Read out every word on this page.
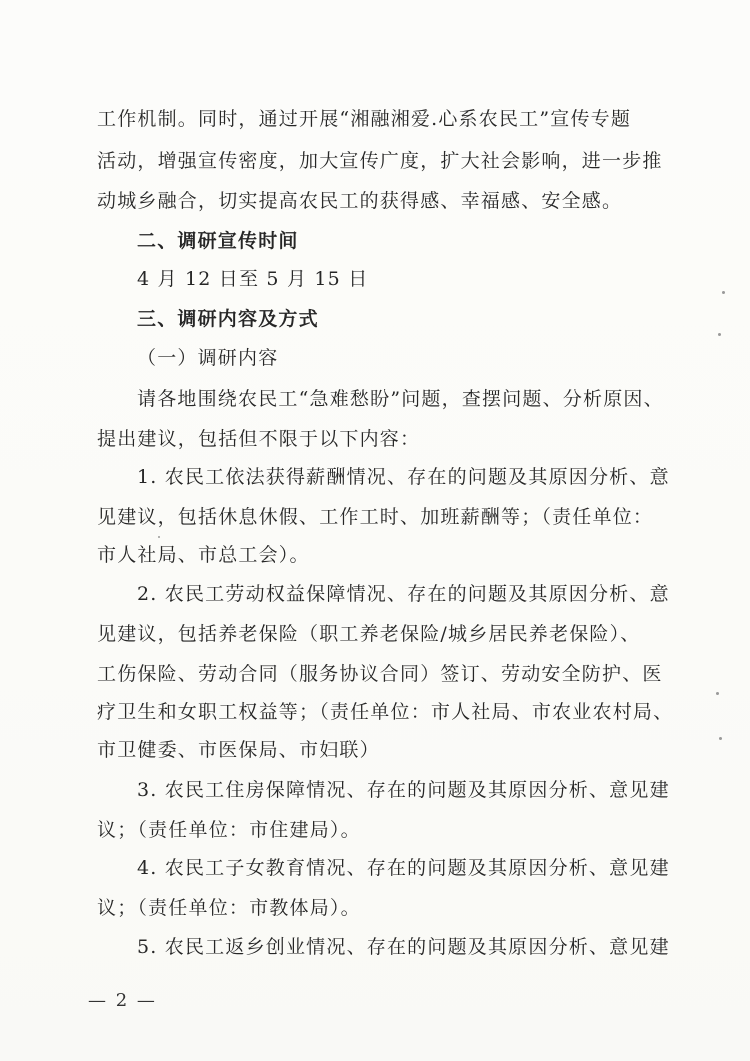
工作机制。同时，通过开展“湘融湘爱.心系农民工”宣传专题
活动，增强宣传密度，加大宣传广度，扩大社会影响，进一步推
动城乡融合，切实提高农民工的获得感、幸福感、安全感。
二、调研宣传时间
4 月 12 日至 5 月 15 日
三、调研内容及方式
（一）调研内容
请各地围绕农民工“急难愁盼”问题，查摆问题、分析原因、
提出建议，包括但不限于以下内容：
1. 农民工依法获得薪酬情况、存在的问题及其原因分析、意
见建议，包括休息休假、工作工时、加班薪酬等；（责任单位：
市人社局、市总工会）。
2. 农民工劳动权益保障情况、存在的问题及其原因分析、意
见建议，包括养老保险（职工养老保险/城乡居民养老保险）、
工伤保险、劳动合同（服务协议合同）签订、劳动安全防护、医
疗卫生和女职工权益等；（责任单位：市人社局、市农业农村局、
市卫健委、市医保局、市妇联）
3. 农民工住房保障情况、存在的问题及其原因分析、意见建
议；（责任单位：市住建局）。
4. 农民工子女教育情况、存在的问题及其原因分析、意见建
议；（责任单位：市教体局）。
5. 农民工返乡创业情况、存在的问题及其原因分析、意见建
— 2 —
